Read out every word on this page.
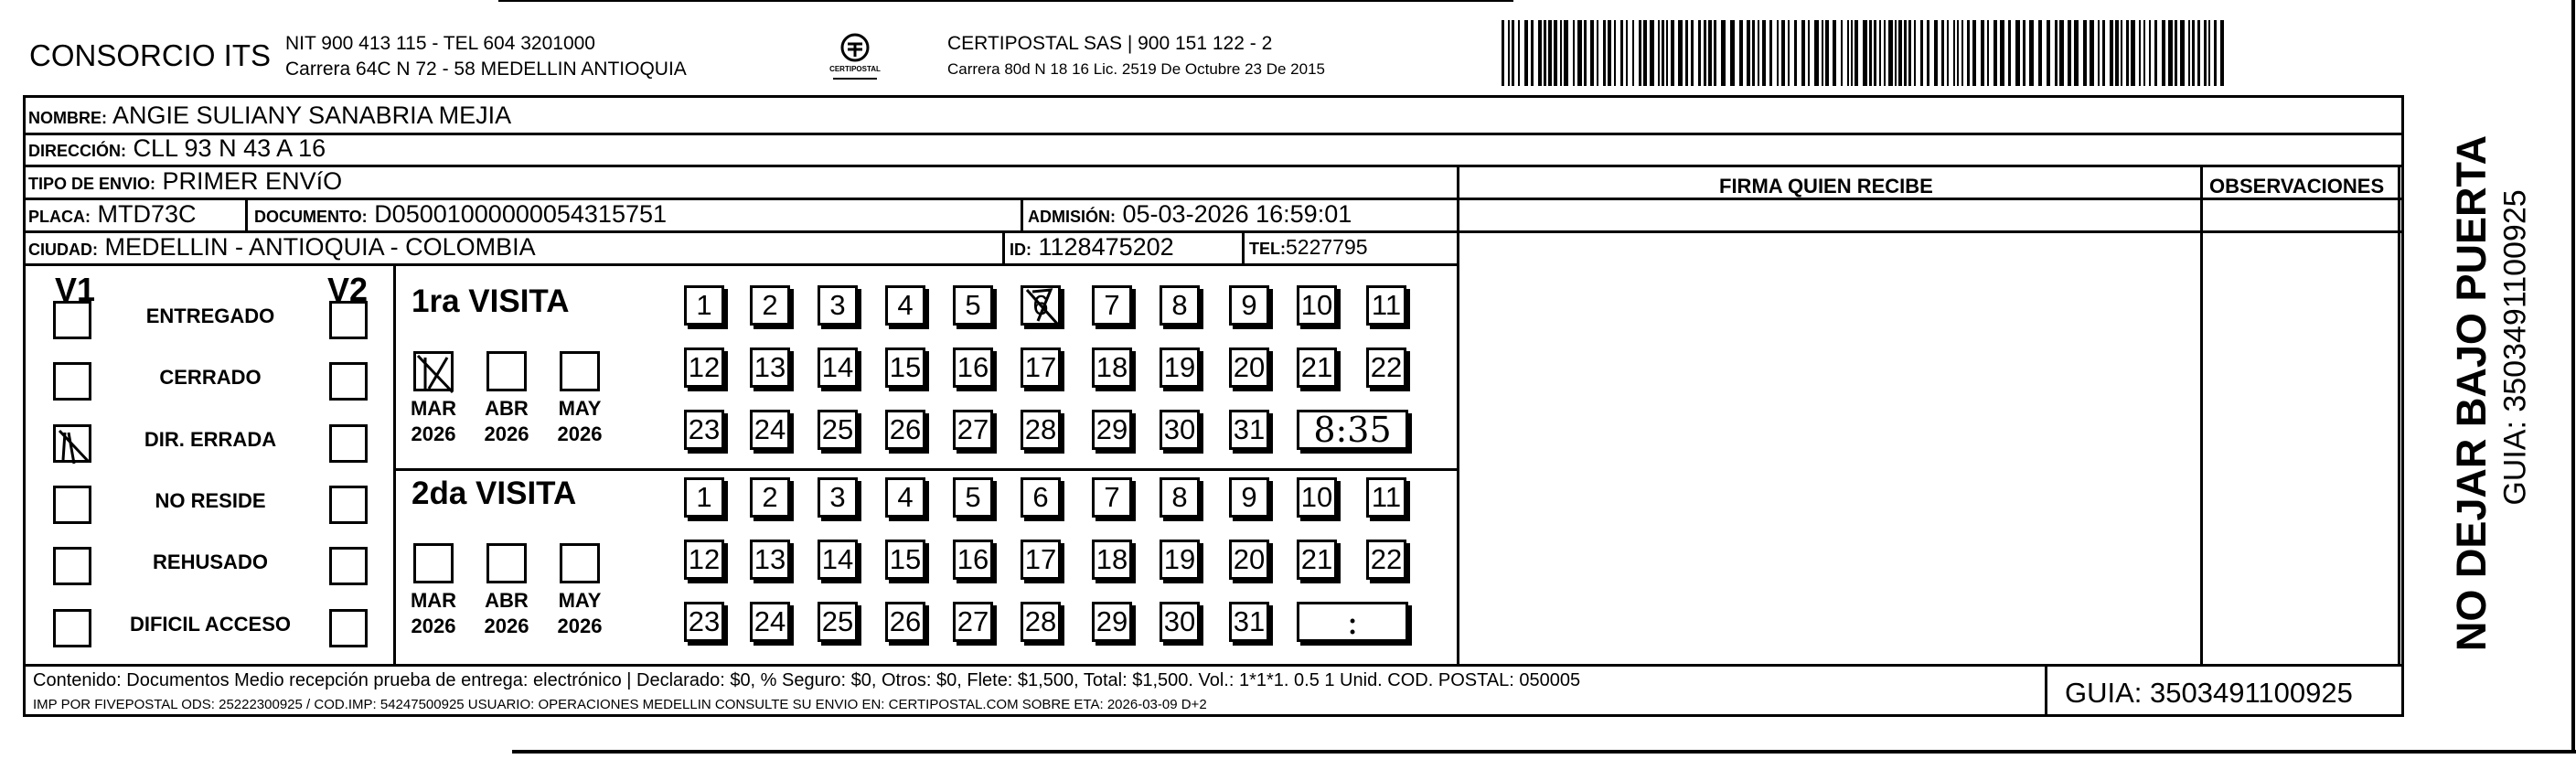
CONSORCIO ITS NIT 900 413 115 - TEL 604 3201000
Carrera 64C N 72 - 58 MEDELLIN ANTIOQUIA	CERTIPOSTAL
CERTIPOSTAL SAS | 900 151 122 - 2
Carrera 80d N 18 16 Lic. 2519 De Octubre 23 De 2015
NOMBRE: ANGIE SULIANY SANABRIA MEJIA
DIRECCIÓN: CLL 93 N 43 A 16
TIPO DE ENVIO: PRIMER ENVíO
PLACA: MTD73C	DOCUMENTO: D05001000000054315751	ADMISIÓN: 05-03-2026 16:59:01
CIUDAD: MEDELLIN - ANTIOQUIA - COLOMBIA	ID: 1128475202	TEL:5227795
FIRMA QUIEN RECIBE	OBSERVACIONES
V1	V2
ENTREGADO
CERRADO
DIR. ERRADA
NO RESIDE
REHUSADO
DIFICIL ACCESO
1ra VISITA
2da VISITA
MAR
2026
ABR
2026
MAY
2026
1	2	3	4	5	6	7	8	9	10 11
12 13 14 15 16 17 18 19 20 21 22
23 24 25 26 27 28 29 30 31	8:35
MAR
2026
ABR
2026
MAY
2026
1	2	3	4	5	6	7	8	9	10 11
12 13 14 15 16 17 18 19 20 21 22
23 24 25 26 27 28 29 30 31	:
Contenido: Documentos Medio recepción prueba de entrega: electrónico | Declarado: $0, % Seguro: $0, Otros: $0, Flete: $1,500, Total: $1,500. Vol.: 1*1*1. 0.5 1 Unid. COD. POSTAL: 050005
IMP POR FIVEPOSTAL ODS: 25222300925 / COD.IMP: 54247500925 USUARIO: OPERACIONES MEDELLIN CONSULTE SU ENVIO EN: CERTIPOSTAL.COM SOBRE ETA: 2026-03-09 D+2	GUIA: 3503491100925
NO DEJAR BAJO PUERTA GUIA: 3503491100925
